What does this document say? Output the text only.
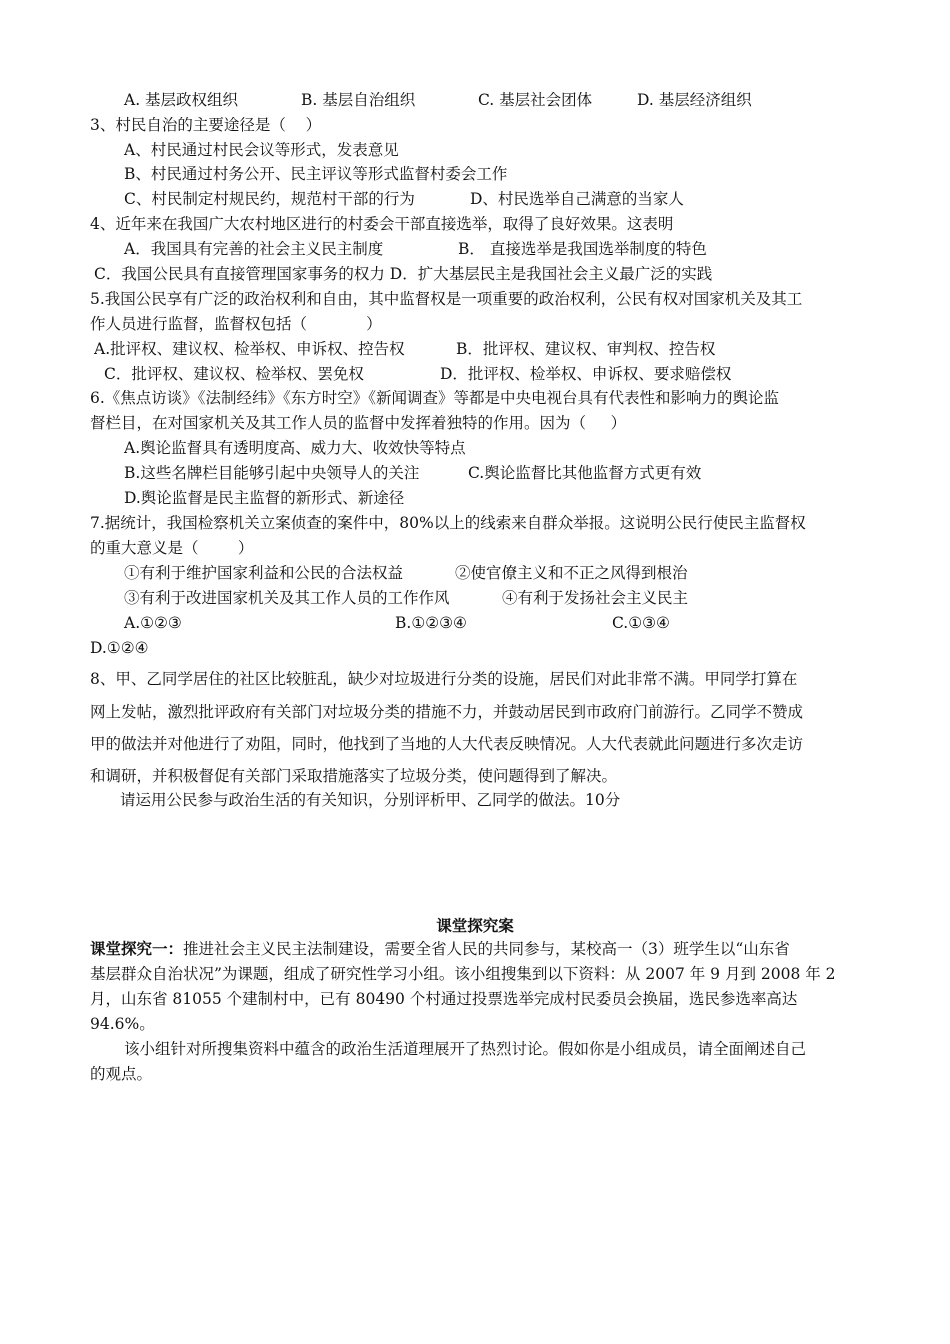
A. 基层政权组织	B. 基层自治组织	C. 基层社会团体	D. 基层经济组织
3、村民自治的主要途径是（    ）
A、村民通过村民会议等形式，发表意见
B、村民通过村务公开、民主评议等形式监督村委会工作
C、村民制定村规民约，规范村干部的行为	D、村民选举自己满意的当家人
4、近年来在我国广大农村地区进行的村委会干部直接选举，取得了良好效果。这表明
A．我国具有完善的社会主义民主制度	B． 直接选举是我国选举制度的特色
C．我国公民具有直接管理国家事务的权力 D．扩大基层民主是我国社会主义最广泛的实践
5.我国公民享有广泛的政治权利和自由，其中监督权是一项重要的政治权利，公民有权对国家机关及其工
作人员进行监督，监督权包括（            ）
A.批评权、建议权、检举权、申诉权、控告权	B．批评权、建议权、审判权、控告权
C．批评权、建议权、检举权、罢免权	D．批评权、检举权、申诉权、要求赔偿权
6.《焦点访谈》《法制经纬》《东方时空》《新闻调查》等都是中央电视台具有代表性和影响力的舆论监
督栏目，在对国家机关及其工作人员的监督中发挥着独特的作用。因为（     ）
A.舆论监督具有透明度高、威力大、收效快等特点
B.这些名牌栏目能够引起中央领导人的关注	C.舆论监督比其他监督方式更有效
D.舆论监督是民主监督的新形式、新途径
7.据统计，我国检察机关立案侦查的案件中，80%以上的线索来自群众举报。这说明公民行使民主监督权
的重大意义是（        ）
①有利于维护国家利益和公民的合法权益	②使官僚主义和不正之风得到根治
③有利于改进国家机关及其工作人员的工作作风	④有利于发扬社会主义民主
A.①②③	B.①②③④	C.①③④
D.①②④
8、甲、乙同学居住的社区比较脏乱，缺少对垃圾进行分类的设施，居民们对此非常不满。甲同学打算在
网上发帖，激烈批评政府有关部门对垃圾分类的措施不力，并鼓动居民到市政府门前游行。乙同学不赞成
甲的做法并对他进行了劝阻，同时，他找到了当地的人大代表反映情况。人大代表就此问题进行多次走访
和调研，并积极督促有关部门采取措施落实了垃圾分类，使问题得到了解决。
请运用公民参与政治生活的有关知识，分别评析甲、乙同学的做法。10分
课堂探究案
课堂探究一：推进社会主义民主法制建设，需要全省人民的共同参与，某校高一（3）班学生以“山东省
基层群众自治状况”为课题，组成了研究性学习小组。该小组搜集到以下资料：从 2007 年 9 月到 2008 年 2
月，山东省 81055 个建制村中，已有 80490 个村通过投票选举完成村民委员会换届，选民参选率高达
94.6%。
该小组针对所搜集资料中蕴含的政治生活道理展开了热烈讨论。假如你是小组成员，请全面阐述自己
的观点。
